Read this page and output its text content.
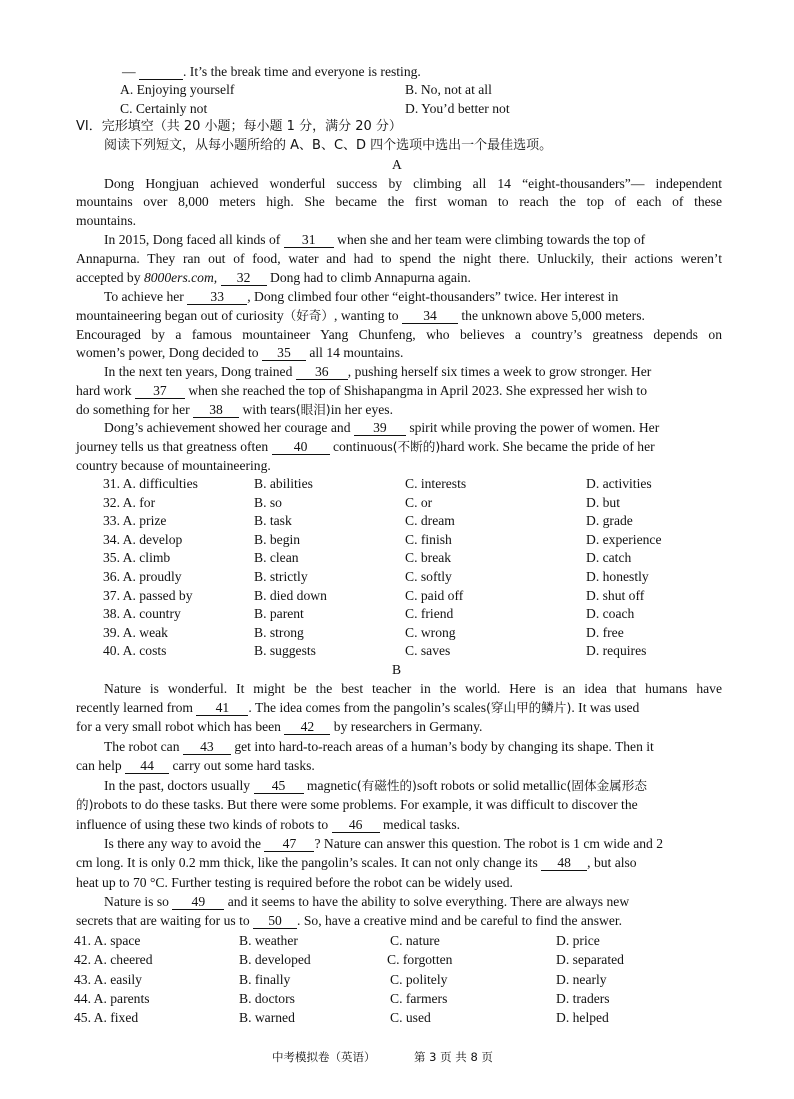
—	. It’s the break time and everyone is resting.
A. Enjoying yourself	B. No, not at all
C. Certainly not	D. You’d better not
VI．完形填空（共 20 小题；每小题 1 分，满分 20 分）
阅读下列短文，从每小题所给的 A、B、C、D 四个选项中选出一个最佳选项。
A
Dong Hongjuan achieved wonderful success by climbing all 14 “eight-thousanders”— independent
mountains over 8,000 meters high. She became the first woman to reach the top of each of these
mountains.
In 2015, Dong faced all kinds of 31 when she and her team were climbing towards the top of
Annapurna. They ran out of food, water and had to spend the night there. Unluckily, their actions weren’t
accepted by 8000ers.com, 32 Dong had to climb Annapurna again.
To achieve her 33 , Dong climbed four other “eight-thousanders” twice. Her interest in
mountaineering began out of curiosity（好奇）, wanting to 34 the unknown above 5,000 meters.
Encouraged by a famous mountaineer Yang Chunfeng, who believes a country’s greatness depends on
women’s power, Dong decided to 35 all 14 mountains.
In the next ten years, Dong trained 36 , pushing herself six times a week to grow stronger. Her
hard work 37 when she reached the top of Shishapangma in April 2023. She expressed her wish to
do something for her 38 with tears(眼泪)in her eyes.
Dong’s achievement showed her courage and 39 spirit while proving the power of women. Her
journey tells us that greatness often 40 continuous(不断的)hard work. She became the pride of her
country because of mountaineering.
31. A. difficulties	B. abilities	C. interests	D. activities
32. A. for	B. so	C. or	D. but
33. A. prize	B. task	C. dream	D. grade
34. A. develop	B. begin	C. finish	D. experience
35. A. climb	B. clean	C. break	D. catch
36. A. proudly	B. strictly	C. softly	D. honestly
37. A. passed by	B. died down	C. paid off	D. shut off
38. A. country	B. parent	C. friend	D. coach
39. A. weak	B. strong	C. wrong	D. free
40. A. costs	B. suggests	C. saves	D. requires
B
Nature is wonderful. It might be the best teacher in the world. Here is an idea that humans have
recently learned from 41 . The idea comes from the pangolin’s scales(穿山甲的鳞片). It was used
for a very small robot which has been 42 by researchers in Germany.
The robot can 43 get into hard-to-reach areas of a human’s body by changing its shape. Then it
can help 44 carry out some hard tasks.
In the past, doctors usually 45 magnetic(有磁性的)soft robots or solid metallic(固体金属形态
的)robots to do these tasks. But there were some problems. For example, it was difficult to discover the
influence of using these two kinds of robots to 46 medical tasks.
Is there any way to avoid the 47 ? Nature can answer this question. The robot is 1 cm wide and 2
cm long. It is only 0.2 mm thick, like the pangolin’s scales. It can not only change its 48 , but also
heat up to 70 °C. Further testing is required before the robot can be widely used.
Nature is so 49 and it seems to have the ability to solve everything. There are always new
secrets that are waiting for us to 50 . So, have a creative mind and be careful to find the answer.
41. A. space	B. weather	C. nature	D. price
42. A. cheered	B. developed	C. forgotten	D. separated
43. A. easily	B. finally	C. politely	D. nearly
44. A. parents	B. doctors	C. farmers	D. traders
45. A. fixed	B. warned	C. used	D. helped
中考模拟卷（英语）	第 3 页 共 8 页
